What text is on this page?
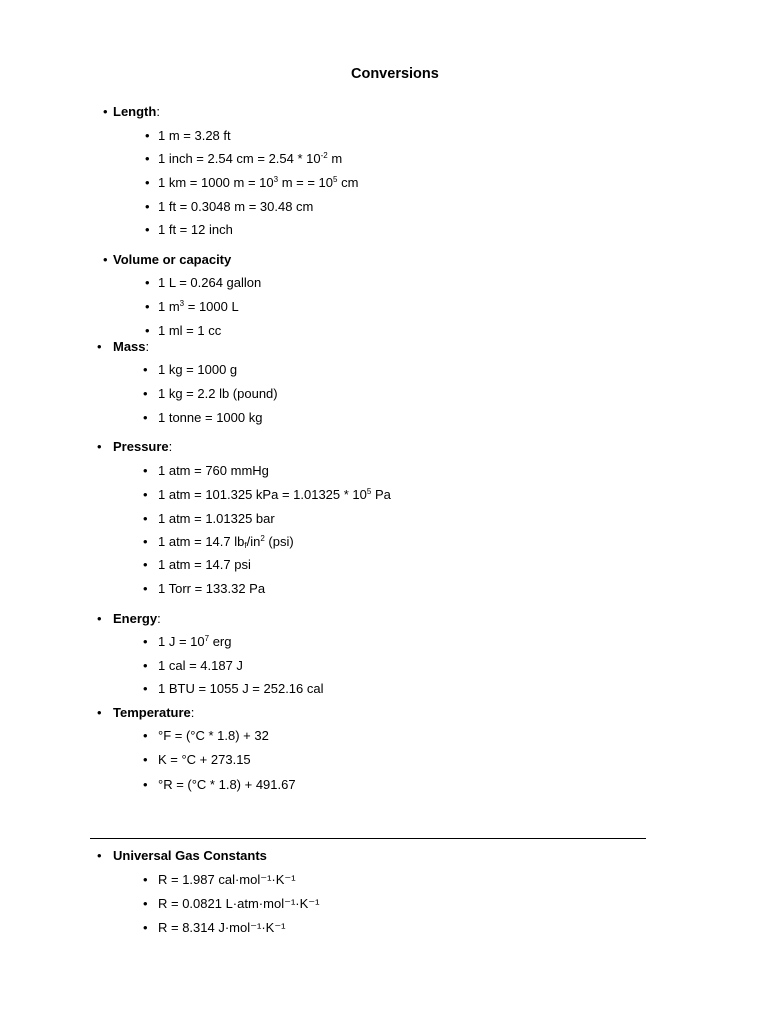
Conversions
• Length:
• 1 m = 3.28 ft
• 1 inch = 2.54 cm = $2.54 * 10^{-2}$ m
• 1 km = 1000 $m = 10^3$ m = = $10^5$ cm
• 1 ft = 0.3048 m = 30.48 cm
• 1 ft = 12 inch
• Volume or capacity
• 1 L = 0.264 gallon
• 1 $m^3 = 1000$ L
• 1 ml = 1 cc
• Mass:
• 1 kg = 1000 g
• 1 kg = 2.2 lb (pound)
• 1 tonne = 1000 kg
• Pressure:
• 1 atm = 760 mmHg
• 1 atm = 101.325 kPa = $1.01325 * 10^5$ Pa
• 1 atm = 1.01325 bar
• 1 atm = 14.7 $lb_f/in^2$ (psi)
• 1 atm = 14.7 psi
• 1 Torr = 133.32 Pa
• Energy:
• 1 $J = 10^7$ erg
• 1 cal = 4.187 J
• 1 BTU = 1055 J = 252.16 cal
• Temperature:
• °F = (°C * 1.8) + 32
• K = °C + 273.15
• °R = (°C * 1.8) + 491.67
• Universal Gas Constants
• R = 1.987 cal·mol⁻¹·K⁻¹
• R = 0.0821 L·atm·mol⁻¹·K⁻¹
• R = 8.314 J·mol⁻¹·K⁻¹
